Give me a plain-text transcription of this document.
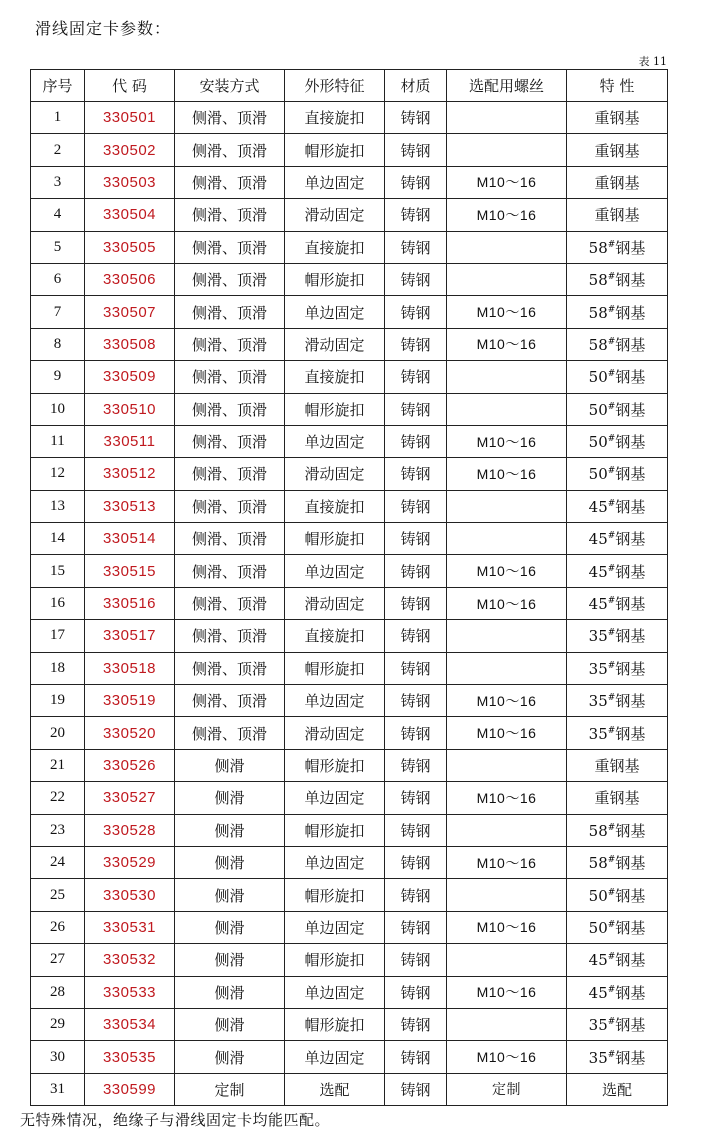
滑线固定卡参数：
表 11
序号	代 码	安装方式	外形特征	材质	选配用螺丝	特 性
1	330501	侧滑、顶滑	直接旋扣	铸钢		重钢基
2	330502	侧滑、顶滑	帽形旋扣	铸钢		重钢基
3	330503	侧滑、顶滑	单边固定	铸钢	M10～16	重钢基
4	330504	侧滑、顶滑	滑动固定	铸钢	M10～16	重钢基
5	330505	侧滑、顶滑	直接旋扣	铸钢		58#钢基
6	330506	侧滑、顶滑	帽形旋扣	铸钢		58#钢基
7	330507	侧滑、顶滑	单边固定	铸钢	M10～16	58#钢基
8	330508	侧滑、顶滑	滑动固定	铸钢	M10～16	58#钢基
9	330509	侧滑、顶滑	直接旋扣	铸钢		50#钢基
10	330510	侧滑、顶滑	帽形旋扣	铸钢		50#钢基
11	330511	侧滑、顶滑	单边固定	铸钢	M10～16	50#钢基
12	330512	侧滑、顶滑	滑动固定	铸钢	M10～16	50#钢基
13	330513	侧滑、顶滑	直接旋扣	铸钢		45#钢基
14	330514	侧滑、顶滑	帽形旋扣	铸钢		45#钢基
15	330515	侧滑、顶滑	单边固定	铸钢	M10～16	45#钢基
16	330516	侧滑、顶滑	滑动固定	铸钢	M10～16	45#钢基
17	330517	侧滑、顶滑	直接旋扣	铸钢		35#钢基
18	330518	侧滑、顶滑	帽形旋扣	铸钢		35#钢基
19	330519	侧滑、顶滑	单边固定	铸钢	M10～16	35#钢基
20	330520	侧滑、顶滑	滑动固定	铸钢	M10～16	35#钢基
21	330526	侧滑	帽形旋扣	铸钢		重钢基
22	330527	侧滑	单边固定	铸钢	M10～16	重钢基
23	330528	侧滑	帽形旋扣	铸钢		58#钢基
24	330529	侧滑	单边固定	铸钢	M10～16	58#钢基
25	330530	侧滑	帽形旋扣	铸钢		50#钢基
26	330531	侧滑	单边固定	铸钢	M10～16	50#钢基
27	330532	侧滑	帽形旋扣	铸钢		45#钢基
28	330533	侧滑	单边固定	铸钢	M10～16	45#钢基
29	330534	侧滑	帽形旋扣	铸钢		35#钢基
30	330535	侧滑	单边固定	铸钢	M10～16	35#钢基
31	330599	定制	选配	铸钢	定制	选配
无特殊情况，绝缘子与滑线固定卡均能匹配。
